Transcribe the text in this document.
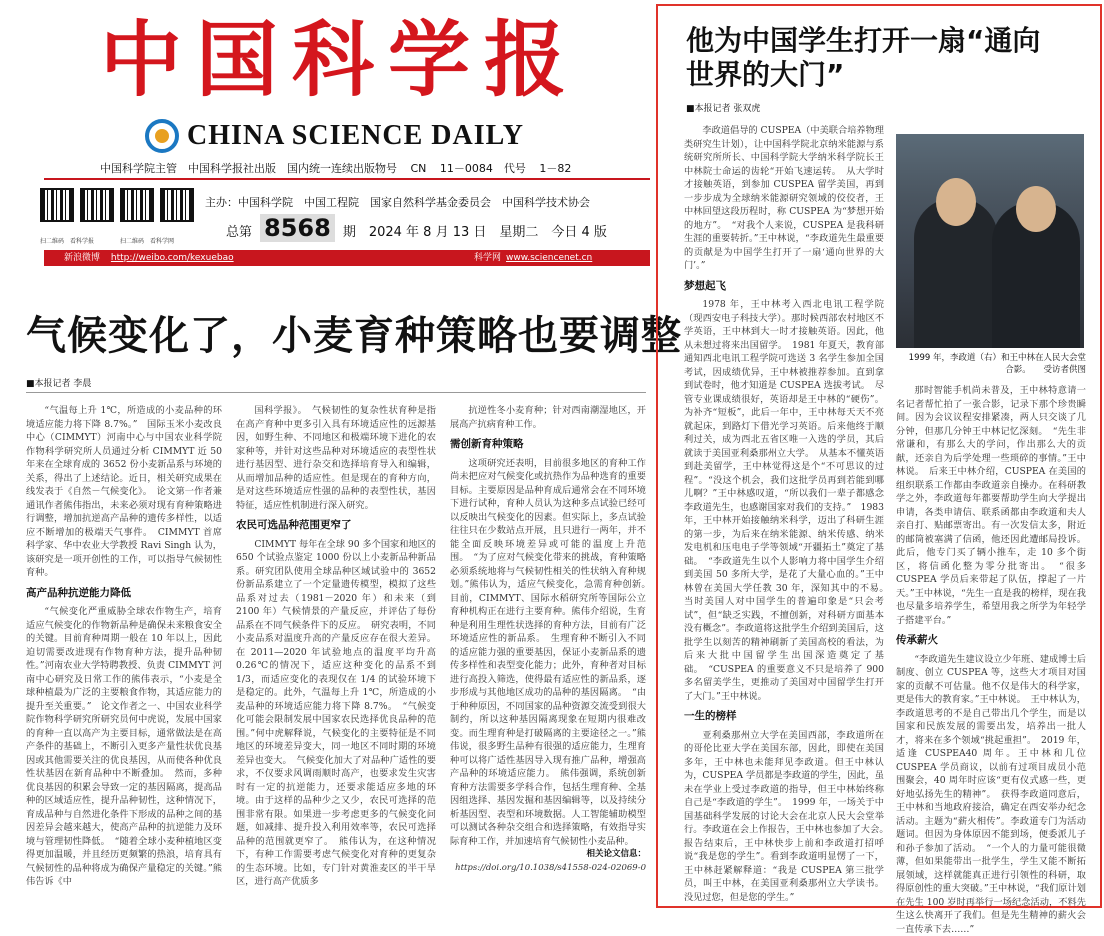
中国科学报
CHINA SCIENCE DAILY
中国科学院主管　中国科学报社出版　国内统一连续出版物号 CN 11－0084　代号 1－82
扫二维码　看科学报	扫二维码　看科学网
主办：中国科学院　中国工程院　国家自然科学基金委员会　中国科学技术协会
总第 8568 期　2024 年 8 月 13 日　星期二　今日 4 版
新浪微博 http://weibo.com/kexuebao	科学网 www.sciencenet.cn
气候变化了，小麦育种策略也要调整
■本报记者 李晨

“气温每上升 1℃，所造成的小麦品种的环境适应能力将下降 8.7%。”　国际玉米小麦改良中心（CIMMYT）河南中心与中国农业科学院作物科学研究所人员通过分析 CIMMYT 近 50 年来在全球育成的 3652 份小麦新品系与环境的关系，得出了上述结论。近日，相关研究成果在线发表于《自然－气候变化》。　论文第一作者兼通讯作者熊伟指出，未来必须对现有育种策略进行调整，增加抗逆高产品种的遗传多样性，以适应不断增加的极端天气事件。　CIMMYT 首席科学家、华中农业大学教授 Ravi Singh 认为，该研究是一项开创性的工作，可以指导气候韧性育种。

高产品种抗逆能力降低

“气候变化严重威胁全球农作物生产，培育适应气候变化的作物新品种是确保未来粮食安全的关键。目前育种周期一般在 10 年以上，因此迫切需要改进现有作物育种方法，提升品种韧性。”河南农业大学特聘教授、负责 CIMMYT 河南中心研究及日常工作的熊伟表示，“小麦是全球种植最为广泛的主要粮食作物，其适应能力的提升至关重要。”　论文作者之一、中国农业科学院作物科学研究所研究员何中虎说，发展中国家的育种一直以高产为主要目标，通常做法是在高产条件的基础上，不断引入更多产量性状优良基因或其他需要关注的优良基因，从而使各种优良性状基因在新育品种中不断叠加。　然而，多种优良基因的积累会导致一定的基因隔离，提高品种的区域适应性，提升品种韧性，这种情况下，育成品种与自然进化条件下形成的品种之间的基因差异会越来越大，使高产品种的抗逆能力及环境与管理韧性降低。　“随着全球小麦种植地区变得更加温暖，并且经历更频繁的热浪，培育具有气候韧性的品种将成为确保产量稳定的关键。”熊伟告诉《中

国科学报》。　气候韧性的复杂性状育种是指在高产育种中更多引入具有环境适应性的远源基因，如野生种、不同地区和极端环境下进化的农家种等，并针对这些品种对环境适应的表型性状进行基因型、进行杂交和选择培育导入和编辑，从而增加品种的适应性。但是现在的育种方向，是对这些环境适应性强的品种的表型性状，基因特征，适应性机制进行深入研究。

农民可选品种范围更窄了

CIMMYT 每年在全球 90 多个国家和地区的 650 个试验点鉴定 1000 份以上小麦新品种新品系。研究团队使用全球品种区域试验中的 3652 份新品系建立了一个定量遗传模型，模拟了这些品系对过去（1981－2020 年）和未来（到 2100 年）气候情景的产量反应，并评估了每份品系在不同气候条件下的反应。　研究表明，不同小麦品系对温度升高的产量反应存在很大差异。在 2011—2020 年试验地点的温度平均升高 0.26℃的情况下，适应这种变化的品系不到 1/3，而适应变化的表现仅在 1/4 的试验环境下是稳定的。此外，气温每上升 1℃，所造成的小麦品种的环境适应能力将下降 8.7%。　“气候变化可能会限制发展中国家农民选择优良品种的范围。”何中虎解释说，气候变化的主要特征是不同地区的环境差异变大，同一地区不同时期的环境差异也变大。　气候变化加大了对品种广适性的要求，不仅要求风调雨顺时高产，也要求发生灾害时有一定的抗逆能力，还要求能适应多地的环境。由于这样的品种少之又少，农民可选择的范围非常有限。如果进一步考虑更多的气候变化问题，如减排、提升投入利用效率等，农民可选择品种的范围就更窄了。　熊伟认为，在这种情况下，有种工作需要考虑气候变化对育种的更复杂的生态环境。比如，专门针对黄淮麦区的半干旱区，进行高产优质多

抗逆性冬小麦育种；针对西南潮湿地区，开展高产抗病育种工作。

需创新育种策略

这项研究还表明，目前很多地区的育种工作尚未把应对气候变化或抗热作为品种选育的重要目标。主要原因是品种育成后通常会在不同环境下进行试种，育种人员认为这种多点试验已经可以反映出气候变化的因素。但实际上，多点试验往往只在少数站点开展，且只进行一两年，并不能全面反映环境差异或可能的温度上升范围。　“为了应对气候变化带来的挑战，育种策略必须系统地将与气候韧性相关的性状纳入育种规划。”熊伟认为，适应气候变化，急需育种创新。　目前，CIMMYT、国际水稻研究所等国际公立育种机构正在进行主要育种。熊伟介绍说，生育种是利用生理性状选择的育种方法，目前有广泛环境适应性的新品系。　生理育种不断引入不同的适应能力强的重要基因，保证小麦新品系的遗传多样性和表型变化能力；此外，育种者对目标进行高投入筛选，使得最有适应性的新品系，逐步形成与其他地区成功的品种的基因隔离。　“由于种种原因，不同国家的品种资源交流受到很大制约，所以这种基因隔离现象在短期内很难改变。而生理育种是打破隔离的主要途径之一。”熊伟说，很多野生品种有很强的适应能力，生理育种可以将广适性基因导入现有推广品种，增强高产品种的环境适应能力。　熊伟强调，系统创新育种方法需要多学科合作，包括生理育种、全基因组选择、基因发掘和基因编辑等，以及持续分析基因型、表型和环境数据。人工智能辅助模型可以测试各种杂交组合和选择策略，有效指导实际育种工作，并加速培育气候韧性小麦品种。

相关论文信息：

https://doi.org/10.1038/s41558-024-02069-0

他为中国学生打开一扇“通向世界的大门”
■本报记者 张双虎

李政道倡导的 CUSPEA（中美联合培养物理类研究生计划），让中国科学院北京纳米能源与系统研究所所长、中国科学院大学纳米科学院长王中林院士命运的齿轮“开始飞速运转。　从大学时才接触英语，到参加 CUSPEA 留学美国，再到一步步成为全球纳米能源研究领域的佼佼者，王中林回望这段历程时，称 CUSPEA 为“梦想开始的地方”。　“对我个人来说，CUSPEA 是我科研生涯的重要转折。”王中林说，“李政道先生最重要的贡献是为中国学生打开了一扇‘通向世界的大门’。”

梦想起飞

1978 年，王中林考入西北电讯工程学院（现西安电子科技大学）。那时候西部农村地区不学英语，王中林到大一时才接触英语。因此，他从未想过将来出国留学。　1981 年夏天，教育部通知西北电讯工程学院可选送 3 名学生参加全国考试，因成绩优异，王中林被推荐参加。直到拿到试卷时，他才知道是 CUSPEA 选拔考试。　尽管专业课成绩很好，英语却是王中林的“硬伤”。为补齐“短板”，此后一年中，王中林每天天不亮就起床，到路灯下借光学习英语。后来他终于顺利过关，成为西北五省区唯一入选的学员，其后就读于美国亚利桑那州立大学。　从基本不懂英语到赴美留学，王中林觉得这是个“不可思议的过程”。“没这个机会，我们这批学员再到若能到哪儿啊？”王中林感叹道，“所以我们一辈子都感念李政道先生，也感谢国家对我们的支持。”　1983 年，王中林开始接触纳米科学，迈出了科研生涯的第一步，为后来在纳米能源、纳米传感、纳米发电机和压电电子学等领域“开疆拓土”奠定了基础。　“李政道先生以个人影响力将中国学生介绍到美国 50 多所大学，是花了大量心血的。”王中林曾在美国大学任教 30 年，深知其中的不易。　当时美国人对中国学生的普遍印象是“只会考试”，但“缺乏实践，不擅创新，对科研方面基本没有概念”。李政道将这批学生介绍到美国后，这批学生以刻苦的精神刷新了美国高校的看法，为后来大批中国留学生出国深造奠定了基础。　“CUSPEA 的重要意义不只是培养了 900 多名留美学生，更推动了美国对中国留学生打开了大门。”王中林说。

一生的榜样

亚利桑那州立大学在美国西部，李政道所在的哥伦比亚大学在美国东部，因此，即使在美国多年，王中林也未能拜见李政道。但王中林认为，CUSPEA 学员都是李政道的学生，因此，虽未在学业上受过李政道的指导，但王中林始终称自己是“李政道的学生”。　1999 年，一场关于中国基础科学发展的讨论大会在北京人民大会堂举行。李政道在会上作报告，王中林也参加了大会。　报告结束后，王中林快步上前和李政道打招呼说“我是您的学生”。看到李政道明显愣了一下，王中林赶紧解释道：“我是 CUSPEA 第三批学员，叫王中林，在美国亚利桑那州立大学读书。没见过您，但是您的学生。”

1999 年，李政道（右）和王中林在人民大会堂合影。　　受访者供图

那时智能手机尚未普及，王中林特意请一名记者帮忙拍了一张合影，记录下那个珍贵瞬间。因为会议议程安排紧凑，两人只交谈了几分钟，但那几分钟王中林记忆深刻。　“先生非常谦和，有那么大的学问，作出那么大的贡献，还亲自为后学处理一些琐碎的事情。”王中林说。　后来王中林介绍，CUSPEA 在美国的组织联系工作都由李政道亲自操办。在科研教学之外，李政道每年都要帮助学生向大学提出申请，各类申请信、联系函都由李政道和夫人亲自打、贴邮票寄出。有一次发信太多，附近的邮筒被塞满了信函，他还因此遭邮局投诉。此后，他专门买了辆小推车，走 10 多个街区，将信函化整为零分批寄出。　“很多 CUSPEA 学员后来带起了队伍，撑起了一片天。”王中林说，“先生一直是我的榜样，现在我也尽量多培养学生，希望用我之所学为年轻学子搭建平台。”

传承薪火

“李政道先生建议设立少年班、建成博士后制度、创立 CUSPEA 等，这些大才项目对国家的贡献不可估量。他不仅是伟大的科学家，更是伟大的教育家。”王中林说。　王中林认为，李政道思考的不是自己带出几个学生，而是以国家和民族发展的需要出发，培养出一批人才，将来在多个领域“挑起重担”。　2019 年，适逢 CUSPEA40 周年。王中林和几位 CUSPEA 学员商议，以前有过项目成员小范围聚会，40 周年时应该“更有仪式感一些，更好地弘扬先生的精神”。　获得李政道同意后，王中林和当地政府接洽，确定在西安举办纪念活动。主题为“薪火相传”。李政道专门为活动题词。但因为身体原因不能到场，便委派儿子和孙子参加了活动。　“一个人的力量可能很微薄，但如果能带出一批学生，学生又能不断拓展领域，这样就能真正进行引领性的科研，取得原创性的重大突破。”王中林说，“我们原计划在先生 100 岁时再举行一场纪念活动，不料先生这么快离开了我们。但是先生精神的薪火会一直传承下去……”
